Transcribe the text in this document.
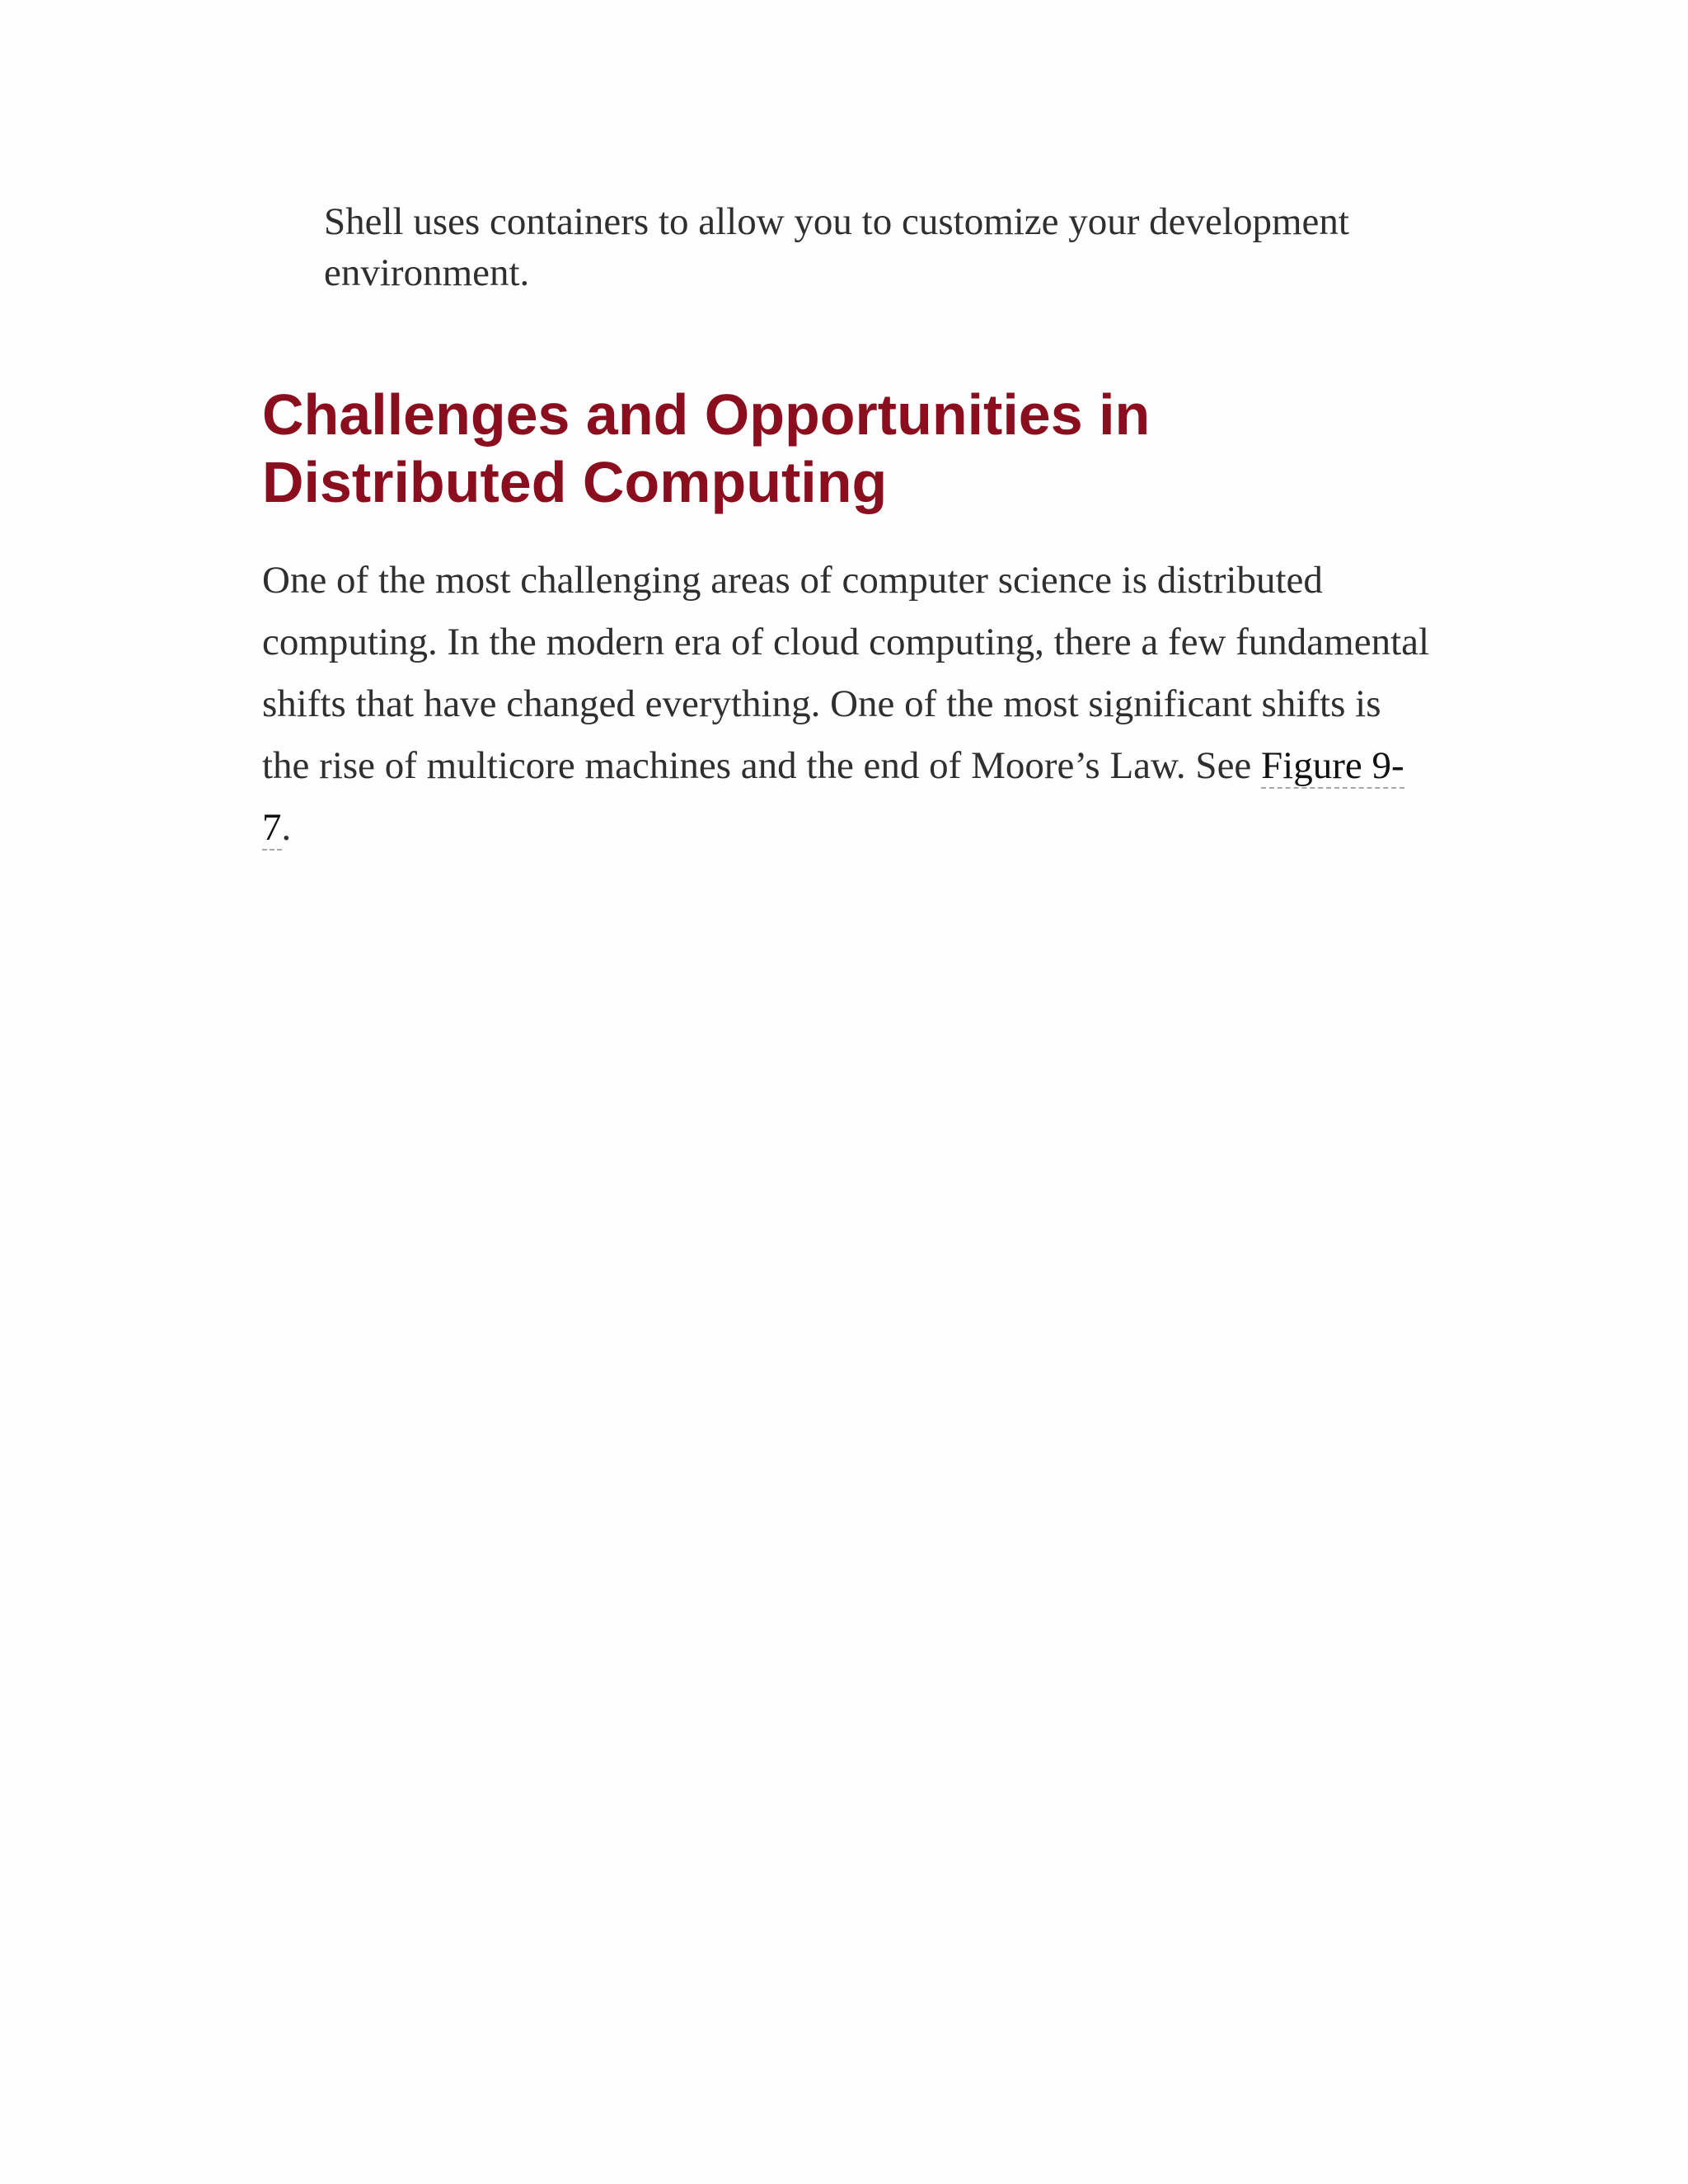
Shell uses containers to allow you to customize your development environment.

Challenges and Opportunities in Distributed Computing

One of the most challenging areas of computer science is distributed computing. In the modern era of cloud computing, there a few fundamental shifts that have changed everything. One of the most significant shifts is the rise of multicore machines and the end of Moore’s Law. See Figure 9-7.
